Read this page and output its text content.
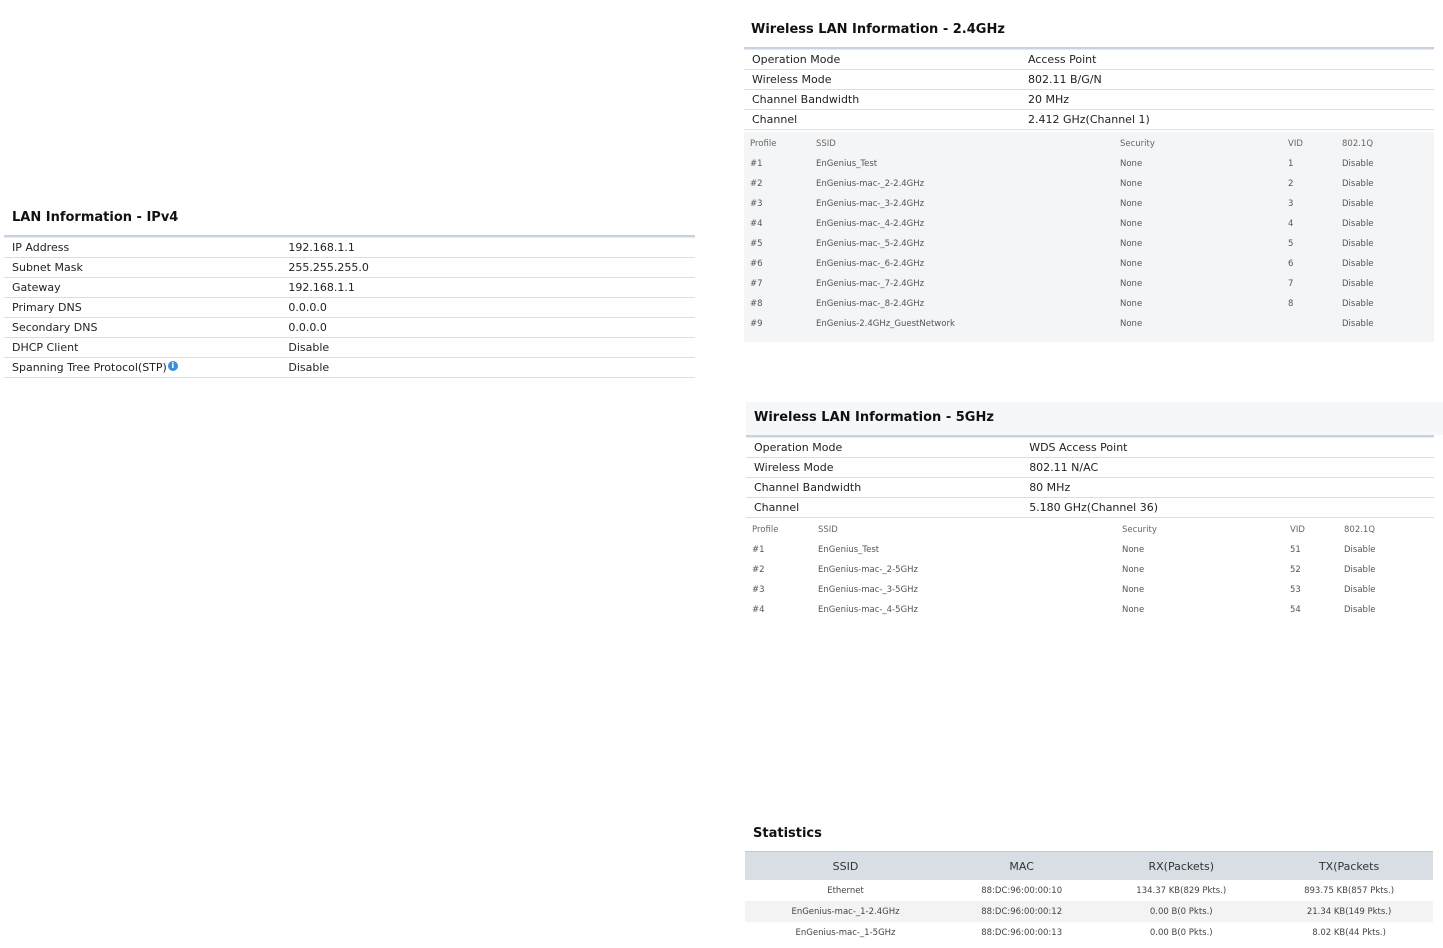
LAN Information - IPv4
IP Address	192.168.1.1
Subnet Mask	255.255.255.0
Gateway	192.168.1.1
Primary DNS	0.0.0.0
Secondary DNS	0.0.0.0
DHCP Client	Disable
Spanning Tree Protocol(STP) i	Disable
Wireless LAN Information - 2.4GHz
Operation Mode	Access Point
Wireless Mode	802.11 B/G/N
Channel Bandwidth	20 MHz
Channel	2.412 GHz(Channel 1)
Profile	SSID	Security	VID	802.1Q
#1	EnGenius_Test	None	1	Disable
#2	EnGenius-mac-_2-2.4GHz	None	2	Disable
#3	EnGenius-mac-_3-2.4GHz	None	3	Disable
#4	EnGenius-mac-_4-2.4GHz	None	4	Disable
#5	EnGenius-mac-_5-2.4GHz	None	5	Disable
#6	EnGenius-mac-_6-2.4GHz	None	6	Disable
#7	EnGenius-mac-_7-2.4GHz	None	7	Disable
#8	EnGenius-mac-_8-2.4GHz	None	8	Disable
#9	EnGenius-2.4GHz_GuestNetwork	None		Disable
Wireless LAN Information - 5GHz
Operation Mode	WDS Access Point
Wireless Mode	802.11 N/AC
Channel Bandwidth	80 MHz
Channel	5.180 GHz(Channel 36)
Profile	SSID	Security	VID	802.1Q
#1	EnGenius_Test	None	51	Disable
#2	EnGenius-mac-_2-5GHz	None	52	Disable
#3	EnGenius-mac-_3-5GHz	None	53	Disable
#4	EnGenius-mac-_4-5GHz	None	54	Disable
Statistics
SSID	MAC	RX(Packets)	TX(Packets
Ethernet	88:DC:96:00:00:10	134.37 KB(829 Pkts.)	893.75 KB(857 Pkts.)
EnGenius-mac-_1-2.4GHz	88:DC:96:00:00:12	0.00 B(0 Pkts.)	21.34 KB(149 Pkts.)
EnGenius-mac-_1-5GHz	88:DC:96:00:00:13	0.00 B(0 Pkts.)	8.02 KB(44 Pkts.)
